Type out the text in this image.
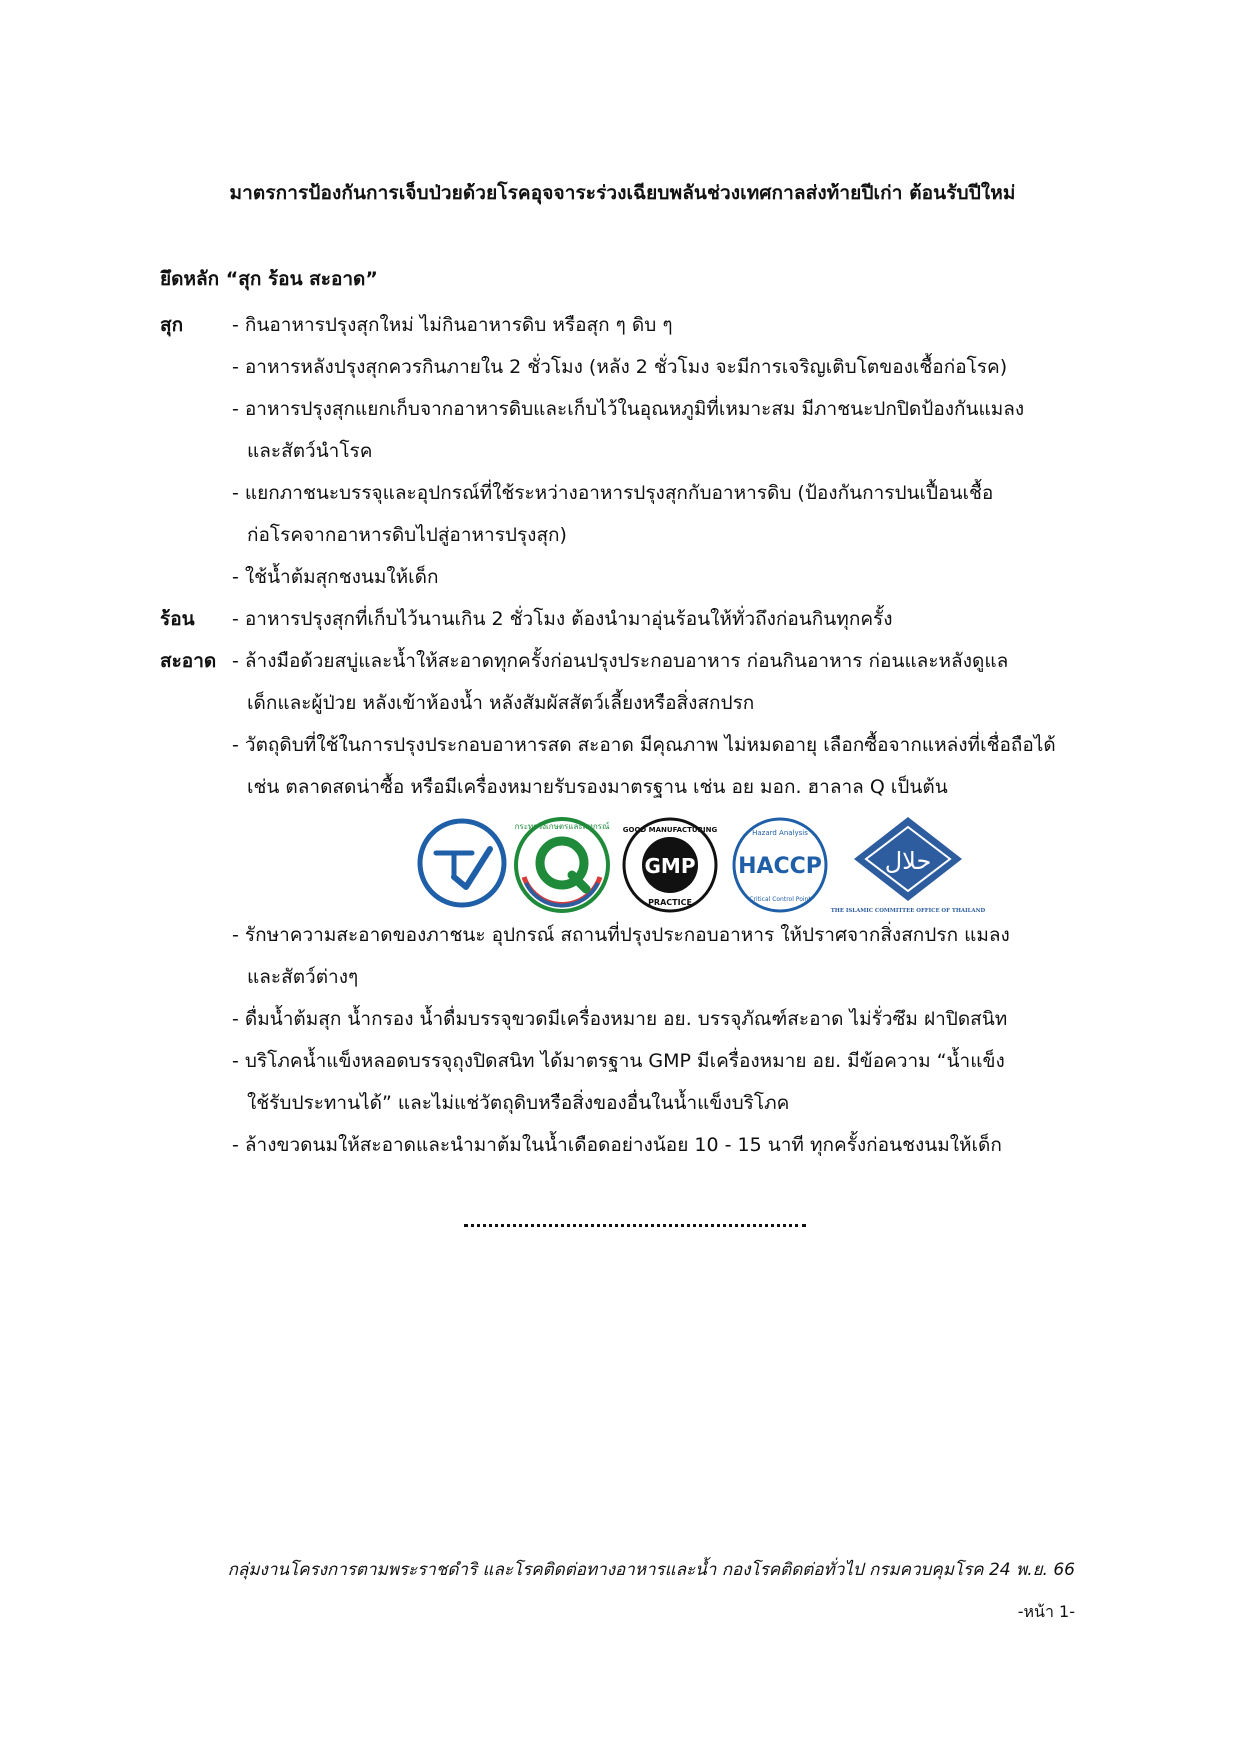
มาตรการป้องกันการเจ็บป่วยด้วยโรคอุจจาระร่วงเฉียบพลันช่วงเทศกาลส่งท้ายปีเก่า ต้อนรับปีใหม่
ยึดหลัก “สุก ร้อน สะอาด”
สุก	- กินอาหารปรุงสุกใหม่ ไม่กินอาหารดิบ หรือสุก ๆ ดิบ ๆ
- อาหารหลังปรุงสุกควรกินภายใน 2 ชั่วโมง (หลัง 2 ชั่วโมง จะมีการเจริญเติบโตของเชื้อก่อโรค)
- อาหารปรุงสุกแยกเก็บจากอาหารดิบและเก็บไว้ในอุณหภูมิที่เหมาะสม มีภาชนะปกปิดป้องกันแมลง
และสัตว์นำโรค
- แยกภาชนะบรรจุและอุปกรณ์ที่ใช้ระหว่างอาหารปรุงสุกกับอาหารดิบ (ป้องกันการปนเปื้อนเชื้อ
ก่อโรคจากอาหารดิบไปสู่อาหารปรุงสุก)
- ใช้น้ำต้มสุกชงนมให้เด็ก
ร้อน - อาหารปรุงสุกที่เก็บไว้นานเกิน 2 ชั่วโมง ต้องนำมาอุ่นร้อนให้ทั่วถึงก่อนกินทุกครั้ง
สะอาด - ล้างมือด้วยสบู่และน้ำให้สะอาดทุกครั้งก่อนปรุงประกอบอาหาร ก่อนกินอาหาร ก่อนและหลังดูแล
เด็กและผู้ป่วย หลังเข้าห้องน้ำ หลังสัมผัสสัตว์เลี้ยงหรือสิ่งสกปรก
- วัตถุดิบที่ใช้ในการปรุงประกอบอาหารสด สะอาด มีคุณภาพ ไม่หมดอายุ เลือกซื้อจากแหล่งที่เชื่อถือได้
เช่น ตลาดสดน่าซื้อ หรือมีเครื่องหมายรับรองมาตรฐาน เช่น อย มอก. ฮาลาล Q เป็นต้น
กระทรวงเกษตรและสหกรณ์
GMP
GOOD MANUFACTURING
PRACTICE
HACCP
Hazard Analysis
Critical Control Point
حلال
THE ISLAMIC COMMITTEE OFFICE OF THAILAND
- รักษาความสะอาดของภาชนะ อุปกรณ์ สถานที่ปรุงประกอบอาหาร ให้ปราศจากสิ่งสกปรก แมลง
และสัตว์ต่างๆ
- ดื่มน้ำต้มสุก น้ำกรอง น้ำดื่มบรรจุขวดมีเครื่องหมาย อย. บรรจุภัณฑ์สะอาด ไม่รั่วซึม ฝาปิดสนิท
- บริโภคน้ำแข็งหลอดบรรจุถุงปิดสนิท ได้มาตรฐาน GMP มีเครื่องหมาย อย. มีข้อความ “น้ำแข็ง
ใช้รับประทานได้” และไม่แช่วัตถุดิบหรือสิ่งของอื่นในน้ำแข็งบริโภค
- ล้างขวดนมให้สะอาดและนำมาต้มในน้ำเดือดอย่างน้อย 10 - 15 นาที ทุกครั้งก่อนชงนมให้เด็ก
กลุ่มงานโครงการตามพระราชดำริ และโรคติดต่อทางอาหารและน้ำ กองโรคติดต่อทั่วไป กรมควบคุมโรค 24 พ.ย. 66
-หน้า 1-
